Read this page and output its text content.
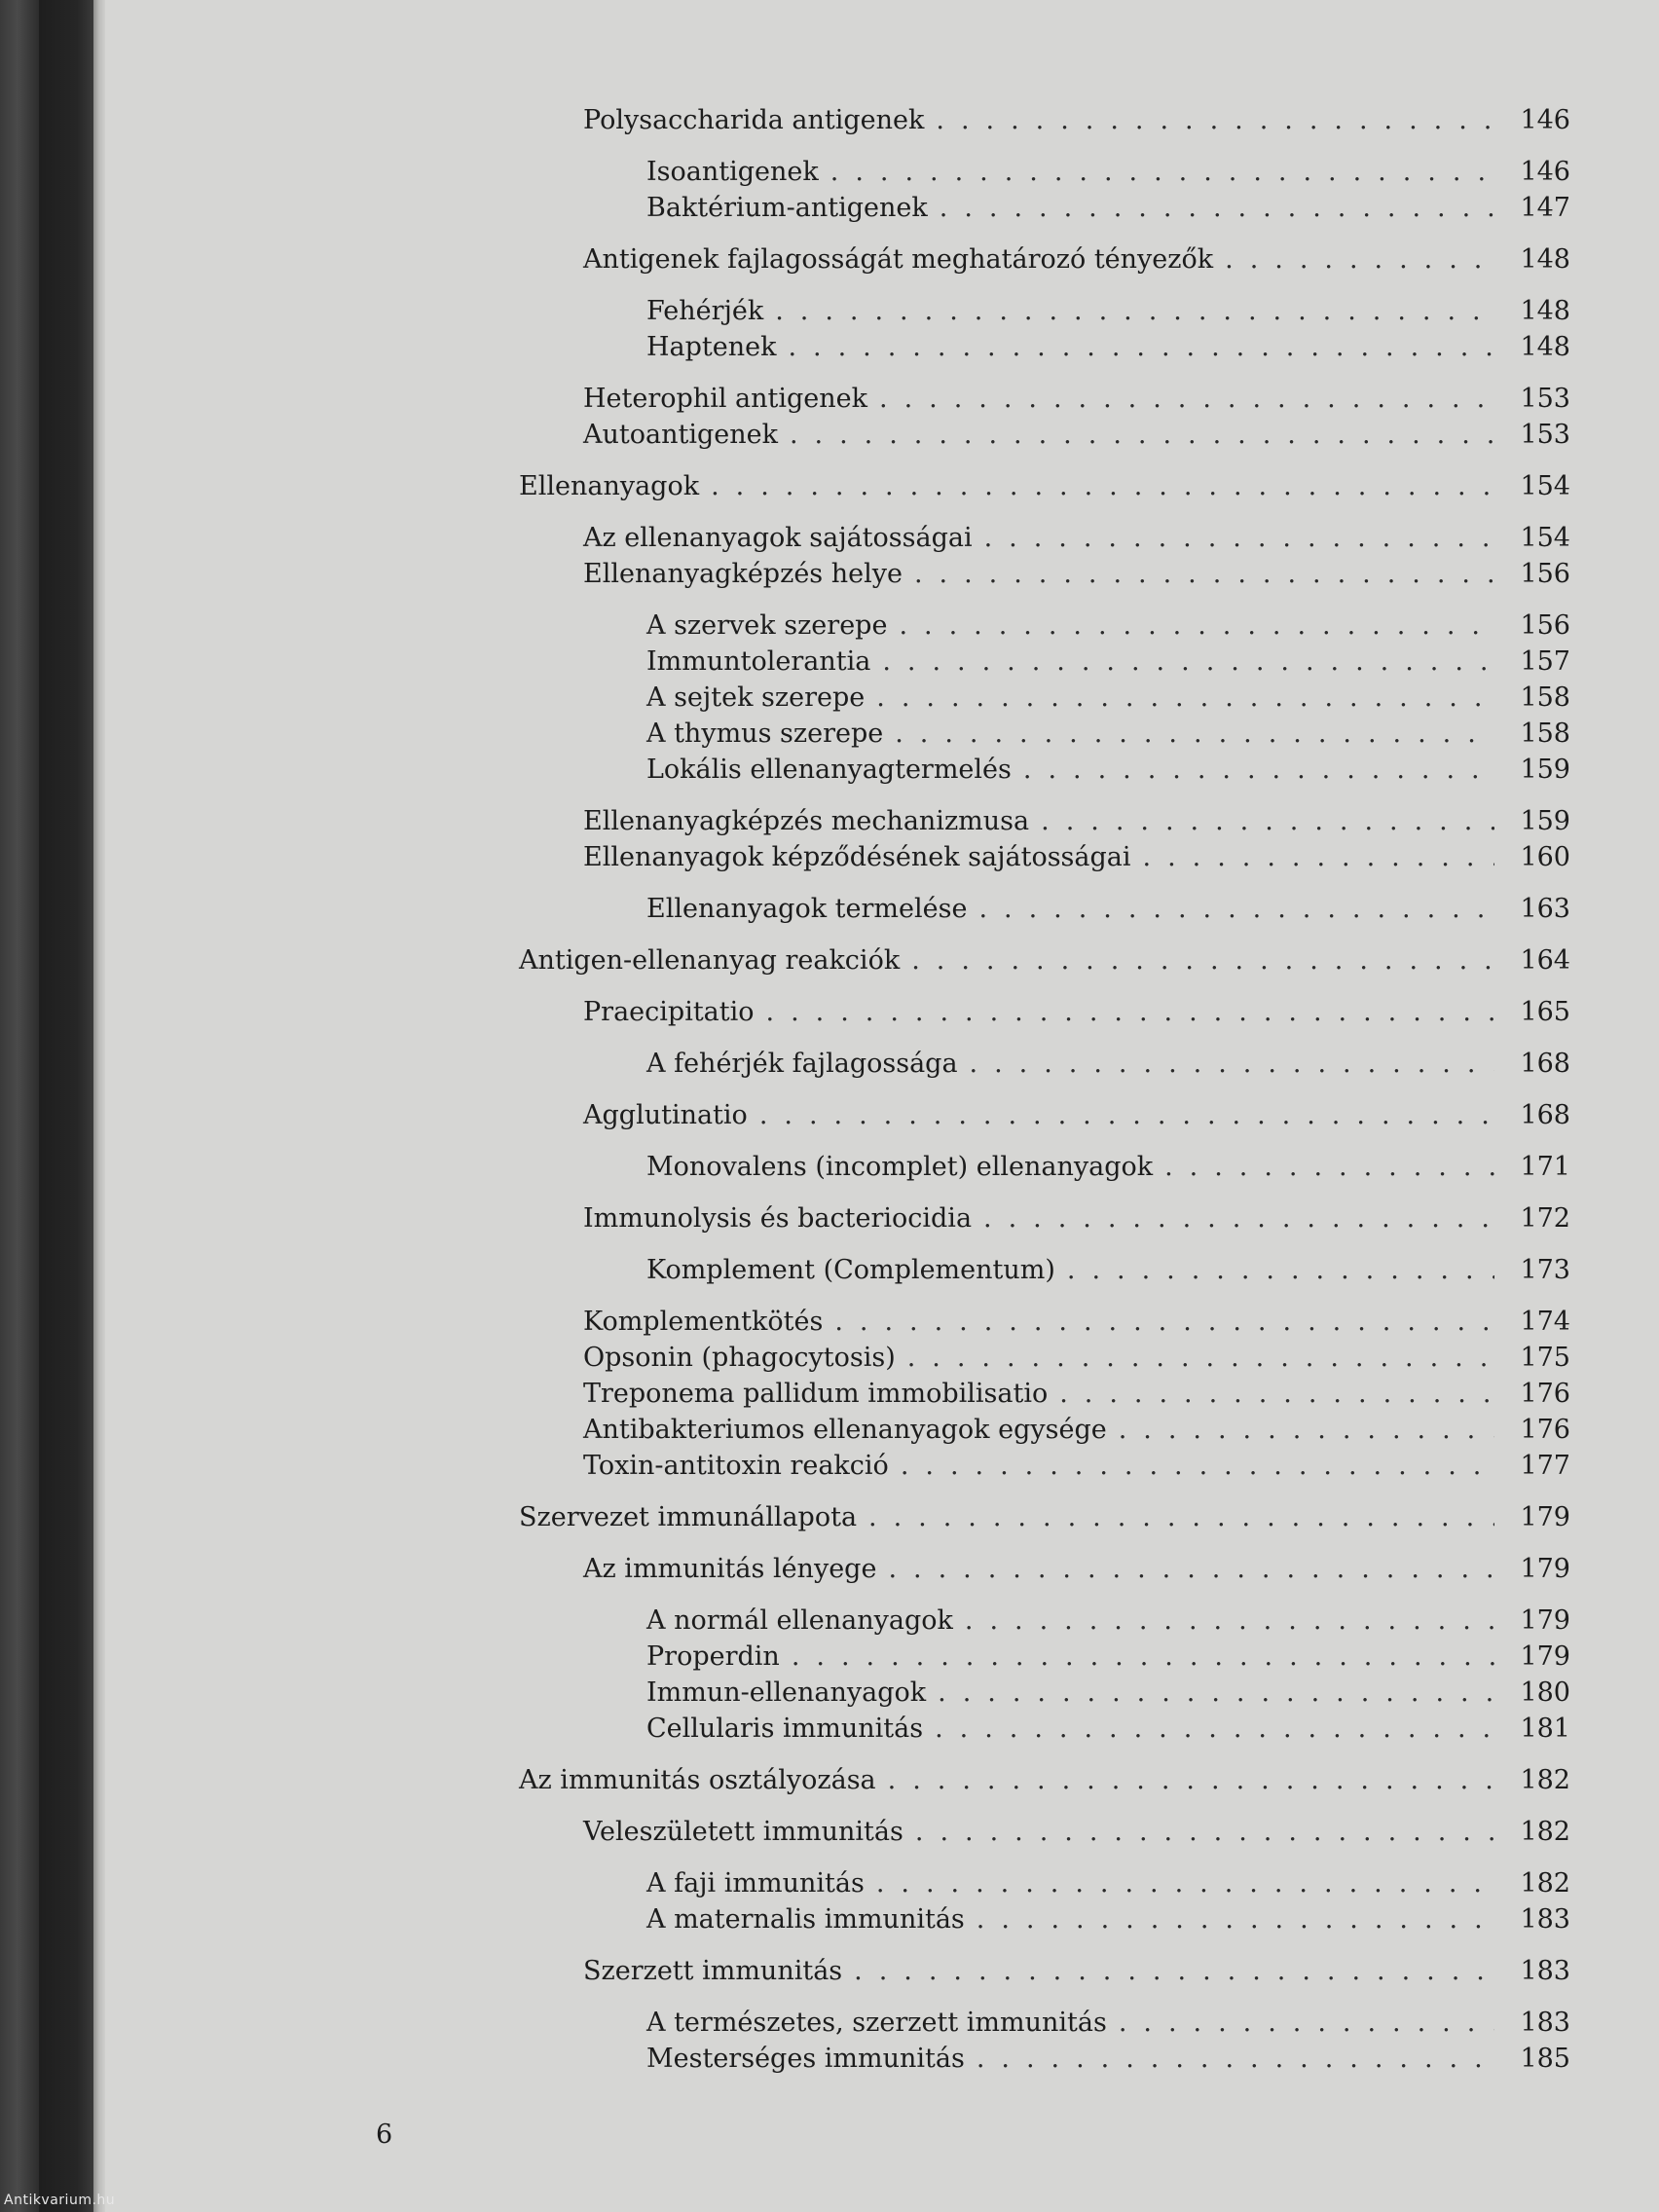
Polysaccharida antigenek . . .	146
Isoantigenek . . .	146
Baktérium-antigenek . . .	147
Antigenek fajlagosságát meghatározó tényezők . . .	148
Fehérjék . . .	148
Haptenek . . .	148
Heterophil antigenek . . .	153
Autoantigenek . . .	153
Ellenanyagok . . .	154
Az ellenanyagok sajátosságai . . .	154
Ellenanyagképzés helye . . .	156
A szervek szerepe . . .	156
Immuntolerantia . . .	157
A sejtek szerepe . . .	158
A thymus szerepe . . .	158
Lokális ellenanyagtermelés . . .	159
Ellenanyagképzés mechanizmusa . . .	159
Ellenanyagok képződésének sajátosságai . . .	160
Ellenanyagok termelése . . .	163
Antigen-ellenanyag reakciók . . .	164
Praecipitatio . . .	165
A fehérjék fajlagossága . . .	168
Agglutinatio . . .	168
Monovalens (incomplet) ellenanyagok . . .	171
Immunolysis és bacteriocidia . . .	172
Komplement (Complementum) . . .	173
Komplementkötés . . .	174
Opsonin (phagocytosis) . . .	175
Treponema pallidum immobilisatio . . .	176
Antibakteriumos ellenanyagok egysége . . .	176
Toxin-antitoxin reakció . . .	177
Szervezet immunállapota . . .	179
Az immunitás lényege . . .	179
A normál ellenanyagok . . .	179
Properdin . . .	179
Immun-ellenanyagok . . .	180
Cellularis immunitás . . .	181
Az immunitás osztályozása . . .	182
Veleszületett immunitás . . .	182
A faji immunitás . . .	182
A maternalis immunitás . . .	183
Szerzett immunitás . . .	183
A természetes, szerzett immunitás . . .	183
Mesterséges immunitás . . .	185
6
Antikvarium.hu
